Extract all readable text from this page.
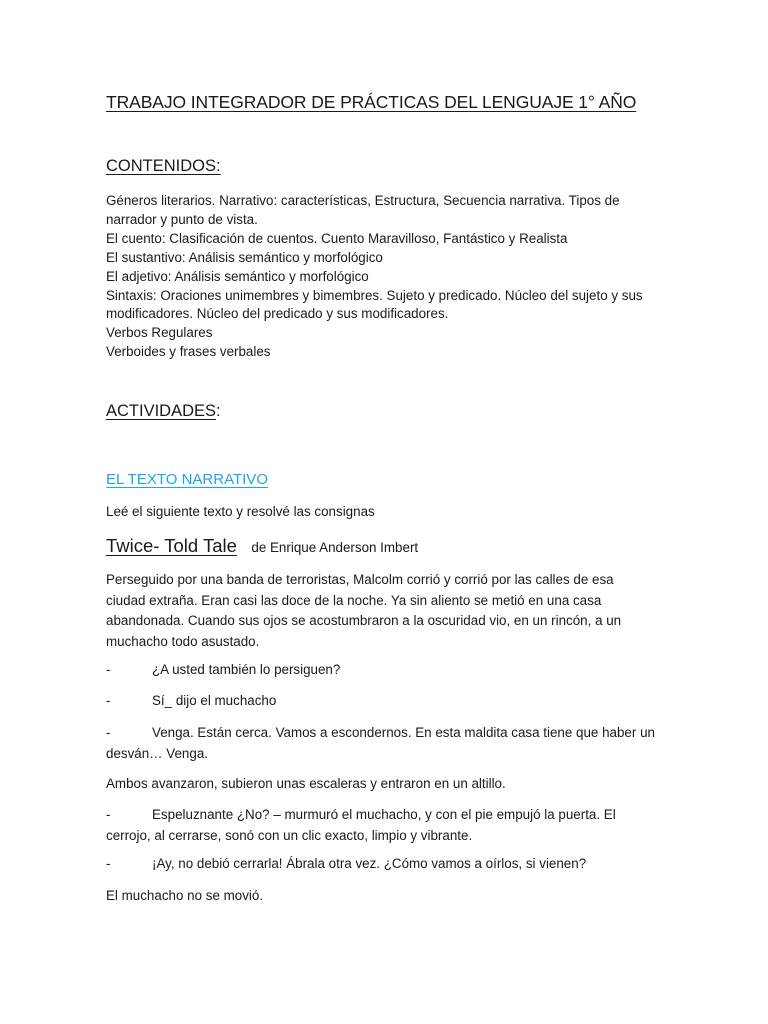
TRABAJO INTEGRADOR DE PRÁCTICAS DEL LENGUAJE 1° AÑO
CONTENIDOS:
Géneros literarios. Narrativo: características, Estructura, Secuencia narrativa. Tipos de
narrador y punto de vista.
El cuento: Clasificación de cuentos. Cuento Maravilloso, Fantástico y Realista
El sustantivo: Análisis semántico y morfológico
El adjetivo: Análisis semántico y morfológico
Sintaxis: Oraciones unimembres y bimembres. Sujeto y predicado. Núcleo del sujeto y sus
modificadores. Núcleo del predicado y sus modificadores.
Verbos Regulares
Verboides y frases verbales
ACTIVIDADES:
EL TEXTO NARRATIVO
Leé el siguiente texto y resolvé las consignas
Twice- Told Tale de Enrique Anderson Imbert
Perseguido por una banda de terroristas, Malcolm corrió y corrió por las calles de esa
ciudad extraña. Eran casi las doce de la noche. Ya sin aliento se metió en una casa
abandonada. Cuando sus ojos se acostumbraron a la oscuridad vio, en un rincón, a un
muchacho todo asustado.
-	¿A usted también lo persiguen?
-	Sí_ dijo el muchacho
-	Venga. Están cerca. Vamos a escondernos. En esta maldita casa tiene que haber un
desván… Venga.
Ambos avanzaron, subieron unas escaleras y entraron en un altillo.
-	Espeluznante ¿No? – murmuró el muchacho, y con el pie empujó la puerta. El
cerrojo, al cerrarse, sonó con un clic exacto, limpio y vibrante.
-	¡Ay, no debió cerrarla! Ábrala otra vez. ¿Cómo vamos a oírlos, si vienen?
El muchacho no se movió.
